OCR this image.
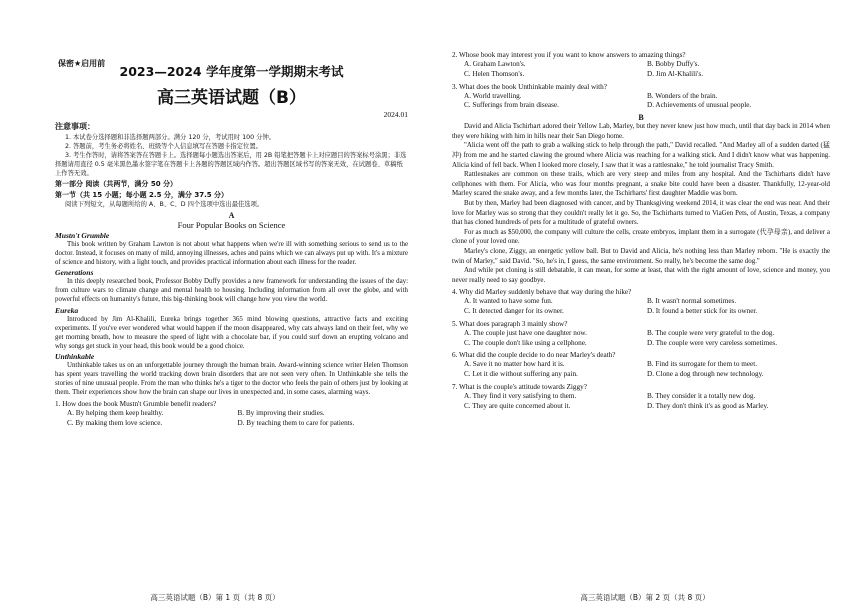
保密★启用前
2023—2024 学年度第一学期期末考试
高三英语试题（B）
2024.01
注意事项：

1. 本试卷分选择题和非选择题两部分。满分 120 分，考试用时 100 分钟。

2. 答题前，考生务必将姓名、班级等个人信息填写在答题卡指定位置。

3. 考生作答时，请将答案答在答题卡上。选择题每小题选出答案后，用 2B 铅笔把答题卡上对应题目的答案标号涂黑；非选择题请用直径 0.5 毫米黑色墨水签字笔在答题卡上各题的答题区域内作答。超出答题区域书写的答案无效，在试题卷、草稿纸上作答无效。

第一部分 阅读（共两节，满分 50 分）

第一节（共 15 小题；每小题 2.5 分，满分 37.5 分）

阅读下列短文，从每题所给的 A、B、C、D 四个选项中选出最佳选项。

A
Four Popular Books on Science
Mustn't Grumble

This book written by Graham Lawton is not about what happens when we're ill with something serious to send us to the doctor. Instead, it focuses on many of mild, annoying illnesses, aches and pains which we can always put up with. It's a mixture of science and history, with a light touch, and provides practical information about each illness for the reader.

Generations

In this deeply researched book, Professor Bobby Duffy provides a new framework for understanding the issues of the day: from culture wars to climate change and mental health to housing. Including information from all over the globe, and with powerful effects on humanity's future, this big-thinking book will change how you view the world.

Eureka

Introduced by Jim Al-Khalili, Eureka brings together 365 mind blowing questions, attractive facts and exciting experiments. If you've ever wondered what would happen if the moon disappeared, why cats always land on their feet, why we get morning breath, how to measure the speed of light with a chocolate bar, if you could surf down an erupting volcano and why songs get stuck in your head, this book would be a good choice.

Unthinkable

Unthinkable takes us on an unforgettable journey through the human brain. Award-winning science writer Helen Thomson has spent years travelling the world tracking down brain disorders that are not seen very often. In Unthinkable she tells the stories of nine unusual people. From the man who thinks he's a tiger to the doctor who feels the pain of others just by looking at them. Their experiences show how the brain can shape our lives in unexpected and, in some cases, alarming ways.

1. How does the book Mustn't Grumble benefit readers?

A. By helping them keep healthy.	B. By improving their studies.
C. By making them love science.	D. By teaching them to care for patients.
高三英语试题（B）第 1 页（共 8 页）

2. Whose book may interest you if you want to know answers to amazing things?

A. Graham Lawton's.	B. Bobby Duffy's.
C. Helen Thomson's.	D. Jim Al-Khalili's.

3. What does the book Unthinkable mainly deal with?

A. World travelling.	B. Wonders of the brain.
C. Sufferings from brain disease.	D. Achievements of unusual people.
B

David and Alicia Tschirhart adored their Yellow Lab, Marley, but they never knew just how much, until that day back in 2014 when they were hiking with him in hills near their San Diego home.

"Alicia went off the path to grab a walking stick to help through the path," David recalled. "And Marley all of a sudden darted (猛冲) from me and he started clawing the ground where Alicia was reaching for a walking stick. And I didn't know what was happening. Alicia kind of fell back. When I looked more closely, I saw that it was a rattlesnake," he told journalist Tracy Smith.

Rattlesnakes are common on these trails, which are very steep and miles from any hospital. And the Tschirharts didn't have cellphones with them. For Alicia, who was four months pregnant, a snake bite could have been a disaster. Thankfully, 12-year-old Marley scared the snake away, and a few months later, the Tschirharts' first daughter Maddie was born.

But by then, Marley had been diagnosed with cancer, and by Thanksgiving weekend 2014, it was clear the end was near. And their love for Marley was so strong that they couldn't really let it go. So, the Tschirharts turned to ViaGen Pets, of Austin, Texas, a company that has cloned hundreds of pets for a multitude of grateful owners.

For as much as $50,000, the company will culture the cells, create embryos, implant them in a surrogate (代孕母亲), and deliver a clone of your loved one.

Marley's clone, Ziggy, an energetic yellow ball. But to David and Alicia, he's nothing less than Marley reborn. "He is exactly the twin of Marley," said David. "So, he's in, I guess, the same environment. So really, he's become the same dog."

And while pet cloning is still debatable, it can mean, for some at least, that with the right amount of love, science and money, you never really need to say goodbye.

4. Why did Marley suddenly behave that way during the hike?

A. It wanted to have some fun.	B. It wasn't normal sometimes.
C. It detected danger for its owner.	D. It found a better stick for its owner.

5. What does paragraph 3 mainly show?

A. The couple just have one daughter now.	B. The couple were very grateful to the dog.
C. The couple don't like using a cellphone.	D. The couple were very careless sometimes.

6. What did the couple decide to do near Marley's death?

A. Save it no matter how hard it is.	B. Find its surrogate for them to meet.
C. Let it die without suffering any pain.	D. Clone a dog through new technology.

7. What is the couple's attitude towards Ziggy?

A. They find it very satisfying to them.	B. They consider it a totally new dog.
C. They are quite concerned about it.	D. They don't think it's as good as Marley.
高三英语试题（B）第 2 页（共 8 页）
